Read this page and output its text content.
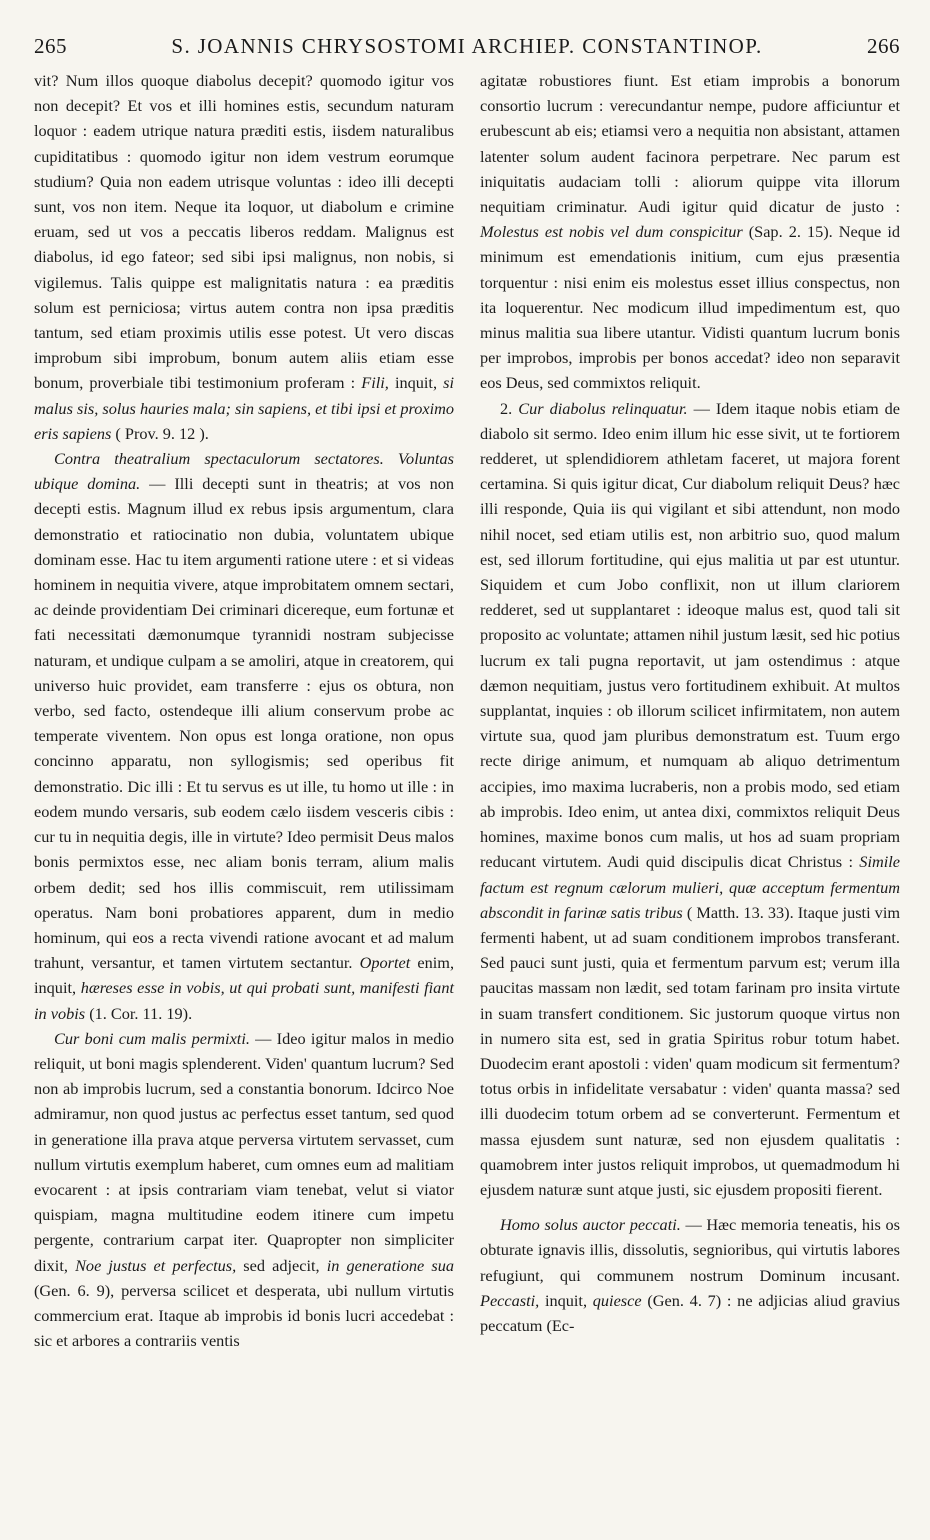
265	S. JOANNIS CHRYSOSTOMI ARCHIEP. CONSTANTINOP.	266

vit? Num illos quoque diabolus decepit? quomodo igitur vos non decepit? Et vos et illi homines estis, secundum naturam loquor : eadem utrique natura præditi estis, iisdem naturalibus cupiditatibus : quomodo igitur non idem vestrum eorumque studium? Quia non eadem utrisque voluntas : ideo illi decepti sunt, vos non item. Neque ita loquor, ut diabolum e crimine eruam, sed ut vos a peccatis liberos reddam. Malignus est diabolus, id ego fateor; sed sibi ipsi malignus, non nobis, si vigilemus. Talis quippe est malignitatis natura : ea præditis solum est perniciosa; virtus autem contra non ipsa præditis tantum, sed etiam proximis utilis esse potest. Ut vero discas improbum sibi improbum, bonum autem aliis etiam esse bonum, proverbiale tibi testimonium proferam : Fili, inquit, si malus sis, solus hauries mala; sin sapiens, et tibi ipsi et proximo eris sapiens ( Prov. 9. 12 ).

Contra theatralium spectaculorum sectatores. Voluntas ubique domina. — Illi decepti sunt in theatris; at vos non decepti estis. Magnum illud ex rebus ipsis argumentum, clara demonstratio et ratiocinatio non dubia, voluntatem ubique dominam esse. Hac tu item argumenti ratione utere : et si videas hominem in nequitia vivere, atque improbitatem omnem sectari, ac deinde providentiam Dei criminari dicereque, eum fortunæ et fati necessitati dæmonumque tyrannidi nostram subjecisse naturam, et undique culpam a se amoliri, atque in creatorem, qui universo huic providet, eam transferre : ejus os obtura, non verbo, sed facto, ostendeque illi alium conservum probe ac temperate viventem. Non opus est longa oratione, non opus concinno apparatu, non syllogismis; sed operibus fit demonstratio. Dic illi : Et tu servus es ut ille, tu homo ut ille : in eodem mundo versaris, sub eodem cælo iisdem vesceris cibis : cur tu in nequitia degis, ille in virtute? Ideo permisit Deus malos bonis permixtos esse, nec aliam bonis terram, alium malis orbem dedit; sed hos illis commiscuit, rem utilissimam operatus. Nam boni probatiores apparent, dum in medio hominum, qui eos a recta vivendi ratione avocant et ad malum trahunt, versantur, et tamen virtutem sectantur. Oportet enim, inquit, hæreses esse in vobis, ut qui probati sunt, manifesti fiant in vobis (1. Cor. 11. 19).

Cur boni cum malis permixti. — Ideo igitur malos in medio reliquit, ut boni magis splenderent. Viden' quantum lucrum? Sed non ab improbis lucrum, sed a constantia bonorum. Idcirco Noe admiramur, non quod justus ac perfectus esset tantum, sed quod in generatione illa prava atque perversa virtutem servasset, cum nullum virtutis exemplum haberet, cum omnes eum ad malitiam evocarent : at ipsis contrariam viam tenebat, velut si viator quispiam, magna multitudine eodem itinere cum impetu pergente, contrarium carpat iter. Quapropter non simpliciter dixit, Noe justus et perfectus, sed adjecit, in generatione sua (Gen. 6. 9), perversa scilicet et desperata, ubi nullum virtutis commercium erat. Itaque ab improbis id bonis lucri accedebat : sic et arbores a contrariis ventis

agitatæ robustiores fiunt. Est etiam improbis a bonorum consortio lucrum : verecundantur nempe, pudore afficiuntur et erubescunt ab eis; etiamsi vero a nequitia non absistant, attamen latenter solum audent facinora perpetrare. Nec parum est iniquitatis audaciam tolli : aliorum quippe vita illorum nequitiam criminatur. Audi igitur quid dicatur de justo : Molestus est nobis vel dum conspicitur (Sap. 2. 15). Neque id minimum est emendationis initium, cum ejus præsentia torquentur : nisi enim eis molestus esset illius conspectus, non ita loquerentur. Nec modicum illud impedimentum est, quo minus malitia sua libere utantur. Vidisti quantum lucrum bonis per improbos, improbis per bonos accedat? ideo non separavit eos Deus, sed commixtos reliquit.

2. Cur diabolus relinquatur. — Idem itaque nobis etiam de diabolo sit sermo. Ideo enim illum hic esse sivit, ut te fortiorem redderet, ut splendidiorem athletam faceret, ut majora forent certamina. Si quis igitur dicat, Cur diabolum reliquit Deus? hæc illi responde, Quia iis qui vigilant et sibi attendunt, non modo nihil nocet, sed etiam utilis est, non arbitrio suo, quod malum est, sed illorum fortitudine, qui ejus malitia ut par est utuntur. Siquidem et cum Jobo conflixit, non ut illum clariorem redderet, sed ut supplantaret : ideoque malus est, quod tali sit proposito ac voluntate; attamen nihil justum læsit, sed hic potius lucrum ex tali pugna reportavit, ut jam ostendimus : atque dæmon nequitiam, justus vero fortitudinem exhibuit. At multos supplantat, inquies : ob illorum scilicet infirmitatem, non autem virtute sua, quod jam pluribus demonstratum est. Tuum ergo recte dirige animum, et numquam ab aliquo detrimentum accipies, imo maxima lucraberis, non a probis modo, sed etiam ab improbis. Ideo enim, ut antea dixi, commixtos reliquit Deus homines, maxime bonos cum malis, ut hos ad suam propriam reducant virtutem. Audi quid discipulis dicat Christus : Simile factum est regnum cælorum mulieri, quæ acceptum fermentum abscondit in farinæ satis tribus ( Matth. 13. 33). Itaque justi vim fermenti habent, ut ad suam conditionem improbos transferant. Sed pauci sunt justi, quia et fermentum parvum est; verum illa paucitas massam non lædit, sed totam farinam pro insita virtute in suam transfert conditionem. Sic justorum quoque virtus non in numero sita est, sed in gratia Spiritus robur totum habet. Duodecim erant apostoli : viden' quam modicum sit fermentum? totus orbis in infidelitate versabatur : viden' quanta massa? sed illi duodecim totum orbem ad se converterunt. Fermentum et massa ejusdem sunt naturæ, sed non ejusdem qualitatis : quamobrem inter justos reliquit improbos, ut quemadmodum hi ejusdem naturæ sunt atque justi, sic ejusdem propositi fierent.

Homo solus auctor peccati. — Hæc memoria teneatis, his os obturate ignavis illis, dissolutis, segnioribus, qui virtutis labores refugiunt, qui communem nostrum Dominum incusant. Peccasti, inquit, quiesce (Gen. 4. 7) : ne adjicias aliud gravius peccatum (Ec-
